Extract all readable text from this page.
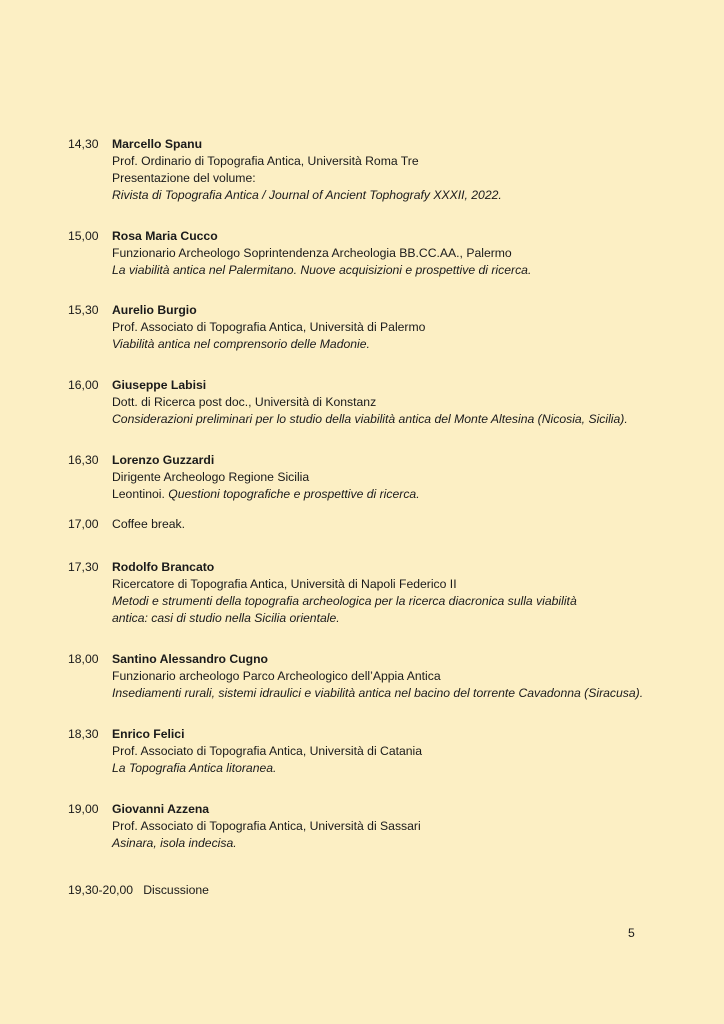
14,30	Marcello Spanu
Prof. Ordinario di Topografia Antica, Università Roma Tre
Presentazione del volume:
Rivista di Topografia Antica / Journal of Ancient Tophografy XXXII, 2022.
15,00	Rosa Maria Cucco
Funzionario Archeologo Soprintendenza Archeologia BB.CC.AA., Palermo
La viabilità antica nel Palermitano. Nuove acquisizioni e prospettive di ricerca.
15,30	Aurelio Burgio
Prof. Associato di Topografia Antica, Università di Palermo
Viabilità antica nel comprensorio delle Madonie.
16,00	Giuseppe Labisi
Dott. di Ricerca post doc., Università di Konstanz
Considerazioni preliminari per lo studio della viabilità antica del Monte Altesina (Nicosia, Sicilia).
16,30	Lorenzo Guzzardi
Dirigente Archeologo Regione Sicilia
Leontinoi. Questioni topografiche e prospettive di ricerca.
17,00 Coffee break.
17,30	Rodolfo Brancato
Ricercatore di Topografia Antica, Università di Napoli Federico II
Metodi e strumenti della topografia archeologica per la ricerca diacronica sulla viabilità
antica: casi di studio nella Sicilia orientale.
18,00	Santino Alessandro Cugno
Funzionario archeologo Parco Archeologico dell’Appia Antica
Insediamenti rurali, sistemi idraulici e viabilità antica nel bacino del torrente Cavadonna (Siracusa).
18,30	Enrico Felici
Prof. Associato di Topografia Antica, Università di Catania
La Topografia Antica litoranea.
19,00	Giovanni Azzena
Prof. Associato di Topografia Antica, Università di Sassari
Asinara, isola indecisa.
19,30-20,00 Discussione
5
